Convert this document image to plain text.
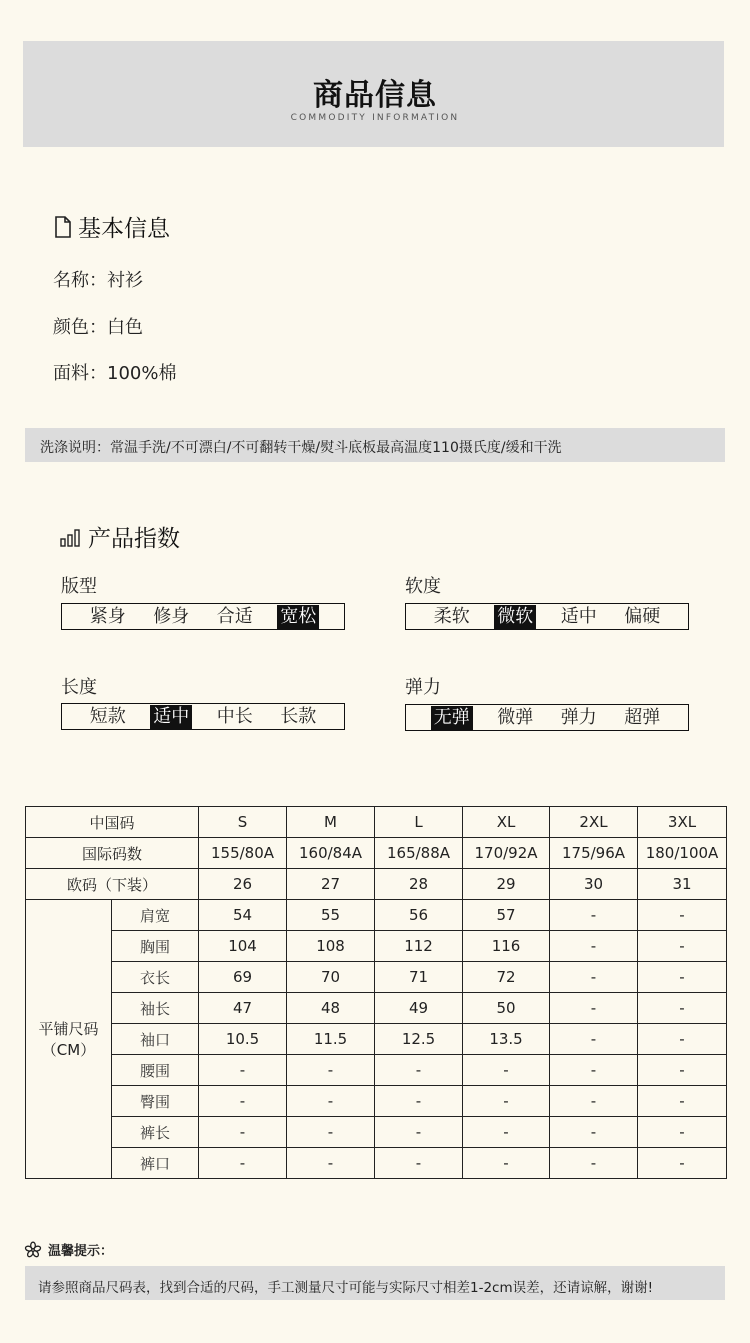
商品信息
COMMODITY INFORMATION
基本信息
名称：衬衫
颜色：白色
面料：100%棉
洗涤说明：常温手洗/不可漂白/不可翻转干燥/熨斗底板最高温度110摄氏度/缓和干洗
产品指数
版型
紧身 修身 合适 宽松
软度
柔软 微软 适中 偏硬
长度
短款 适中 中长 长款
弹力
无弹 微弹 弹力 超弹
中国码		S	M	L	XL	2XL	3XL
国际码数		155/80A	160/84A	165/88A	170/92A	175/96A	180/100A
欧码（下装）		26	27	28	29	30	31

平铺尺码
（CM）	肩宽	54	55	56	57	-	-
	胸围	104	108	112	116	-	-
	衣长	69	70	71	72	-	-
	袖长	47	48	49	50	-	-
	袖口	10.5	11.5	12.5	13.5	-	-
	腰围	-	-	-	-	-	-
	臀围	-	-	-	-	-	-
	裤长	-	-	-	-	-	-
	裤口	-	-	-	-	-	-
温馨提示：
请参照商品尺码表，找到合适的尺码，手工测量尺寸可能与实际尺寸相差1-2cm误差，还请谅解，谢谢!
